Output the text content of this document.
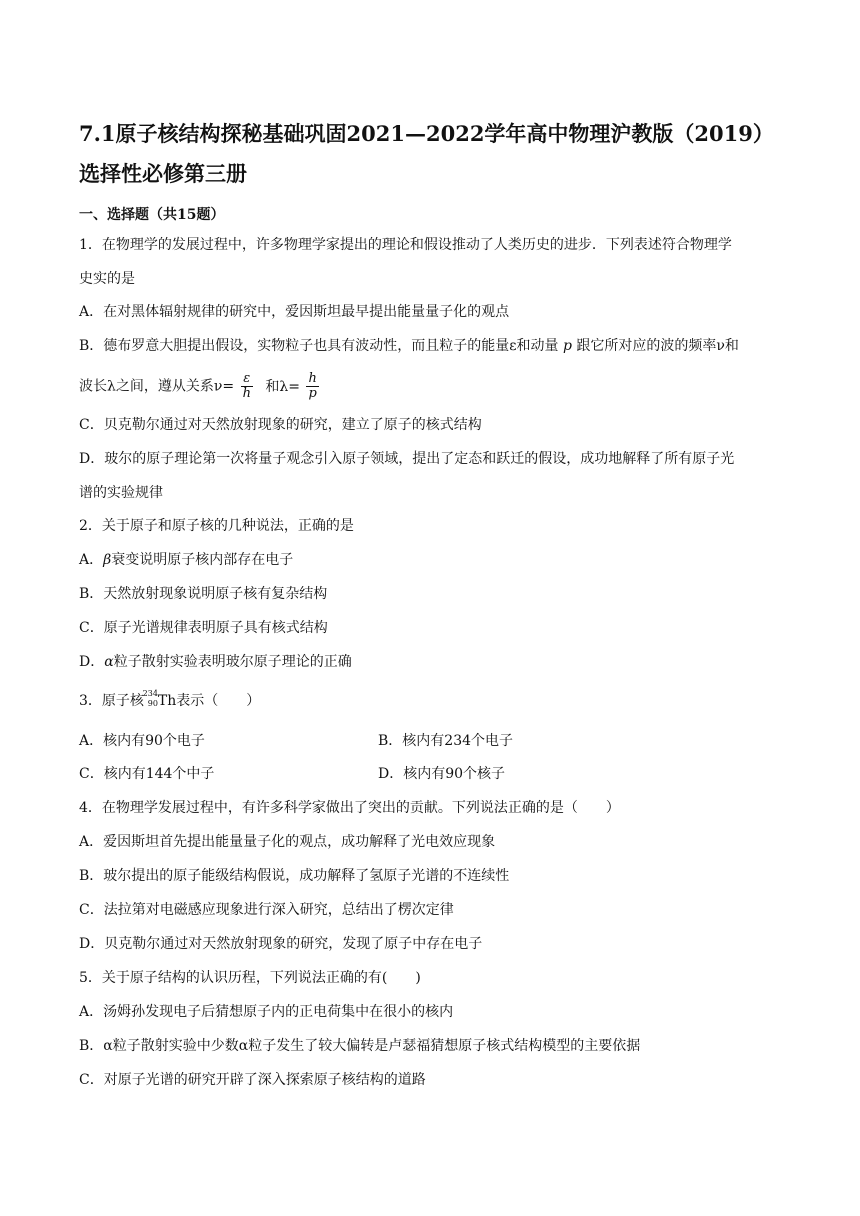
7.1原子核结构探秘基础巩固2021—2022学年高中物理沪教版（2019）
选择性必修第三册
一、选择题（共15题）
1．在物理学的发展过程中，许多物理学家提出的理论和假设推动了人类历史的进步．下列表述符合物理学
史实的是
A．在对黑体辐射规律的研究中，爱因斯坦最早提出能量量子化的观点
B．德布罗意大胆提出假设，实物粒子也具有波动性，而且粒子的能量ε和动量 p 跟它所对应的波的频率ν和
波长λ之间，遵从关系$\nu= \frac{\varepsilon}{h}$ 和$\lambda= \frac{h}{p}$
C．贝克勒尔通过对天然放射现象的研究，建立了原子的核式结构
D．玻尔的原子理论第一次将量子观念引入原子领域，提出了定态和跃迁的假设，成功地解释了所有原子光
谱的实验规律
2．关于原子和原子核的几种说法，正确的是
A．β衰变说明原子核内部存在电子
B．天然放射现象说明原子核有复杂结构
C．原子光谱规律表明原子具有核式结构
D．α粒子散射实验表明玻尔原子理论的正确
3．原子核
234
90 Th表示（　　）
A．核内有90个电子	B．核内有234个电子
C．核内有144个中子	D．核内有90个核子
4．在物理学发展过程中，有许多科学家做出了突出的贡献。下列说法正确的是（　　）
A．爱因斯坦首先提出能量量子化的观点，成功解释了光电效应现象
B．玻尔提出的原子能级结构假说，成功解释了氢原子光谱的不连续性
C．法拉第对电磁感应现象进行深入研究，总结出了楞次定律
D．贝克勒尔通过对天然放射现象的研究，发现了原子中存在电子
5．关于原子结构的认识历程，下列说法正确的有(　　)
A．汤姆孙发现电子后猜想原子内的正电荷集中在很小的核内
B．α粒子散射实验中少数α粒子发生了较大偏转是卢瑟福猜想原子核式结构模型的主要依据
C．对原子光谱的研究开辟了深入探索原子核结构的道路
